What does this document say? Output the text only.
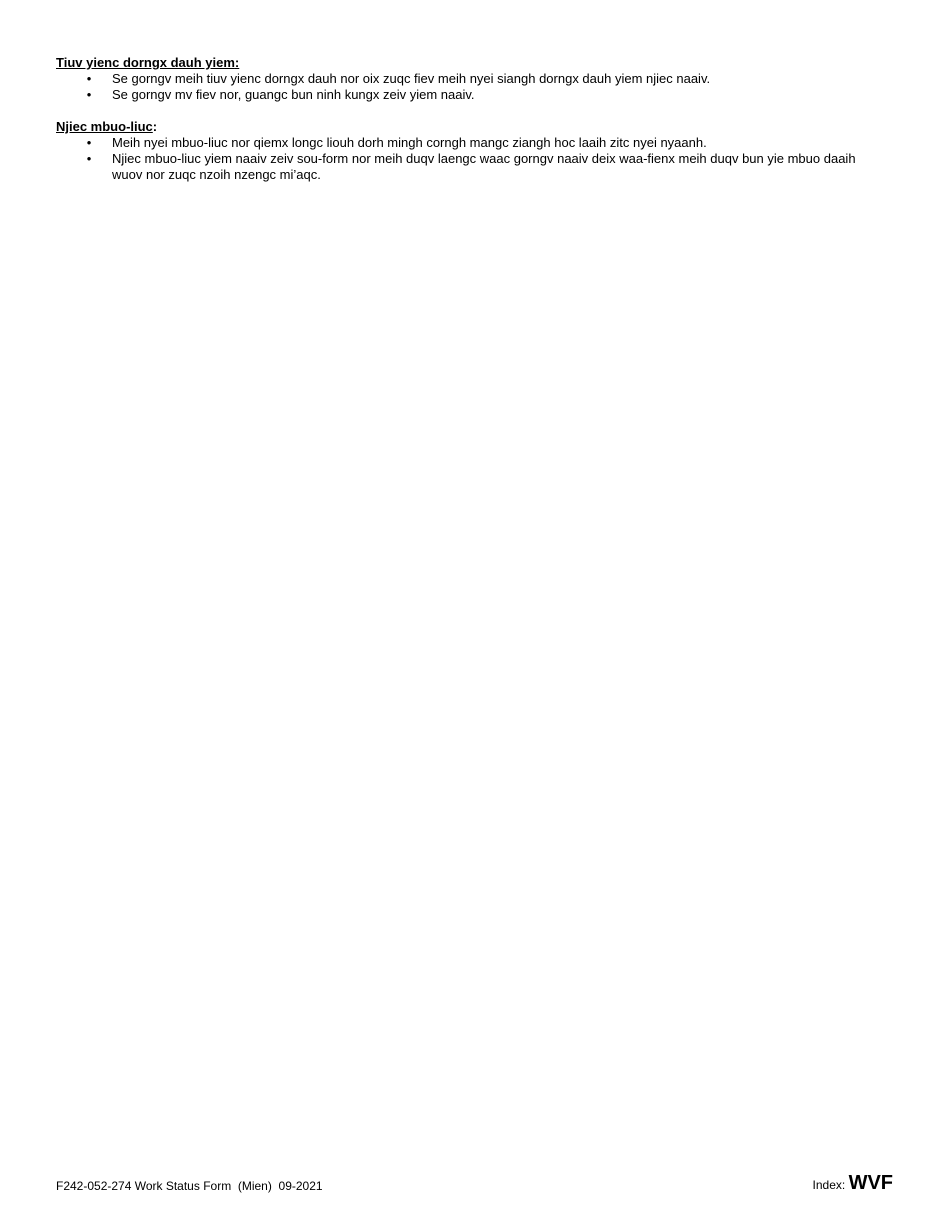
Tiuv yienc dorngx dauh yiem:

• Se gorngv meih tiuv yienc dorngx dauh nor oix zuqc fiev meih nyei siangh dorngx dauh yiem njiec naaiv.
• Se gorngv mv fiev nor, guangc bun ninh kungx zeiv yiem naaiv.

Njiec mbuo-liuc:

• Meih nyei mbuo-liuc nor qiemx longc liouh dorh mingh corngh mangc ziangh hoc laaih zitc nyei nyaanh.
• Njiec mbuo-liuc yiem naaiv zeiv sou-form nor meih duqv laengc waac gorngv naaiv deix waa-fienx meih duqv bun yie mbuo daaih wuov nor zuqc nzoih nzengc mi’aqc.
F242-052-274 Work Status Form  (Mien)  09-2021	Index: WVF
